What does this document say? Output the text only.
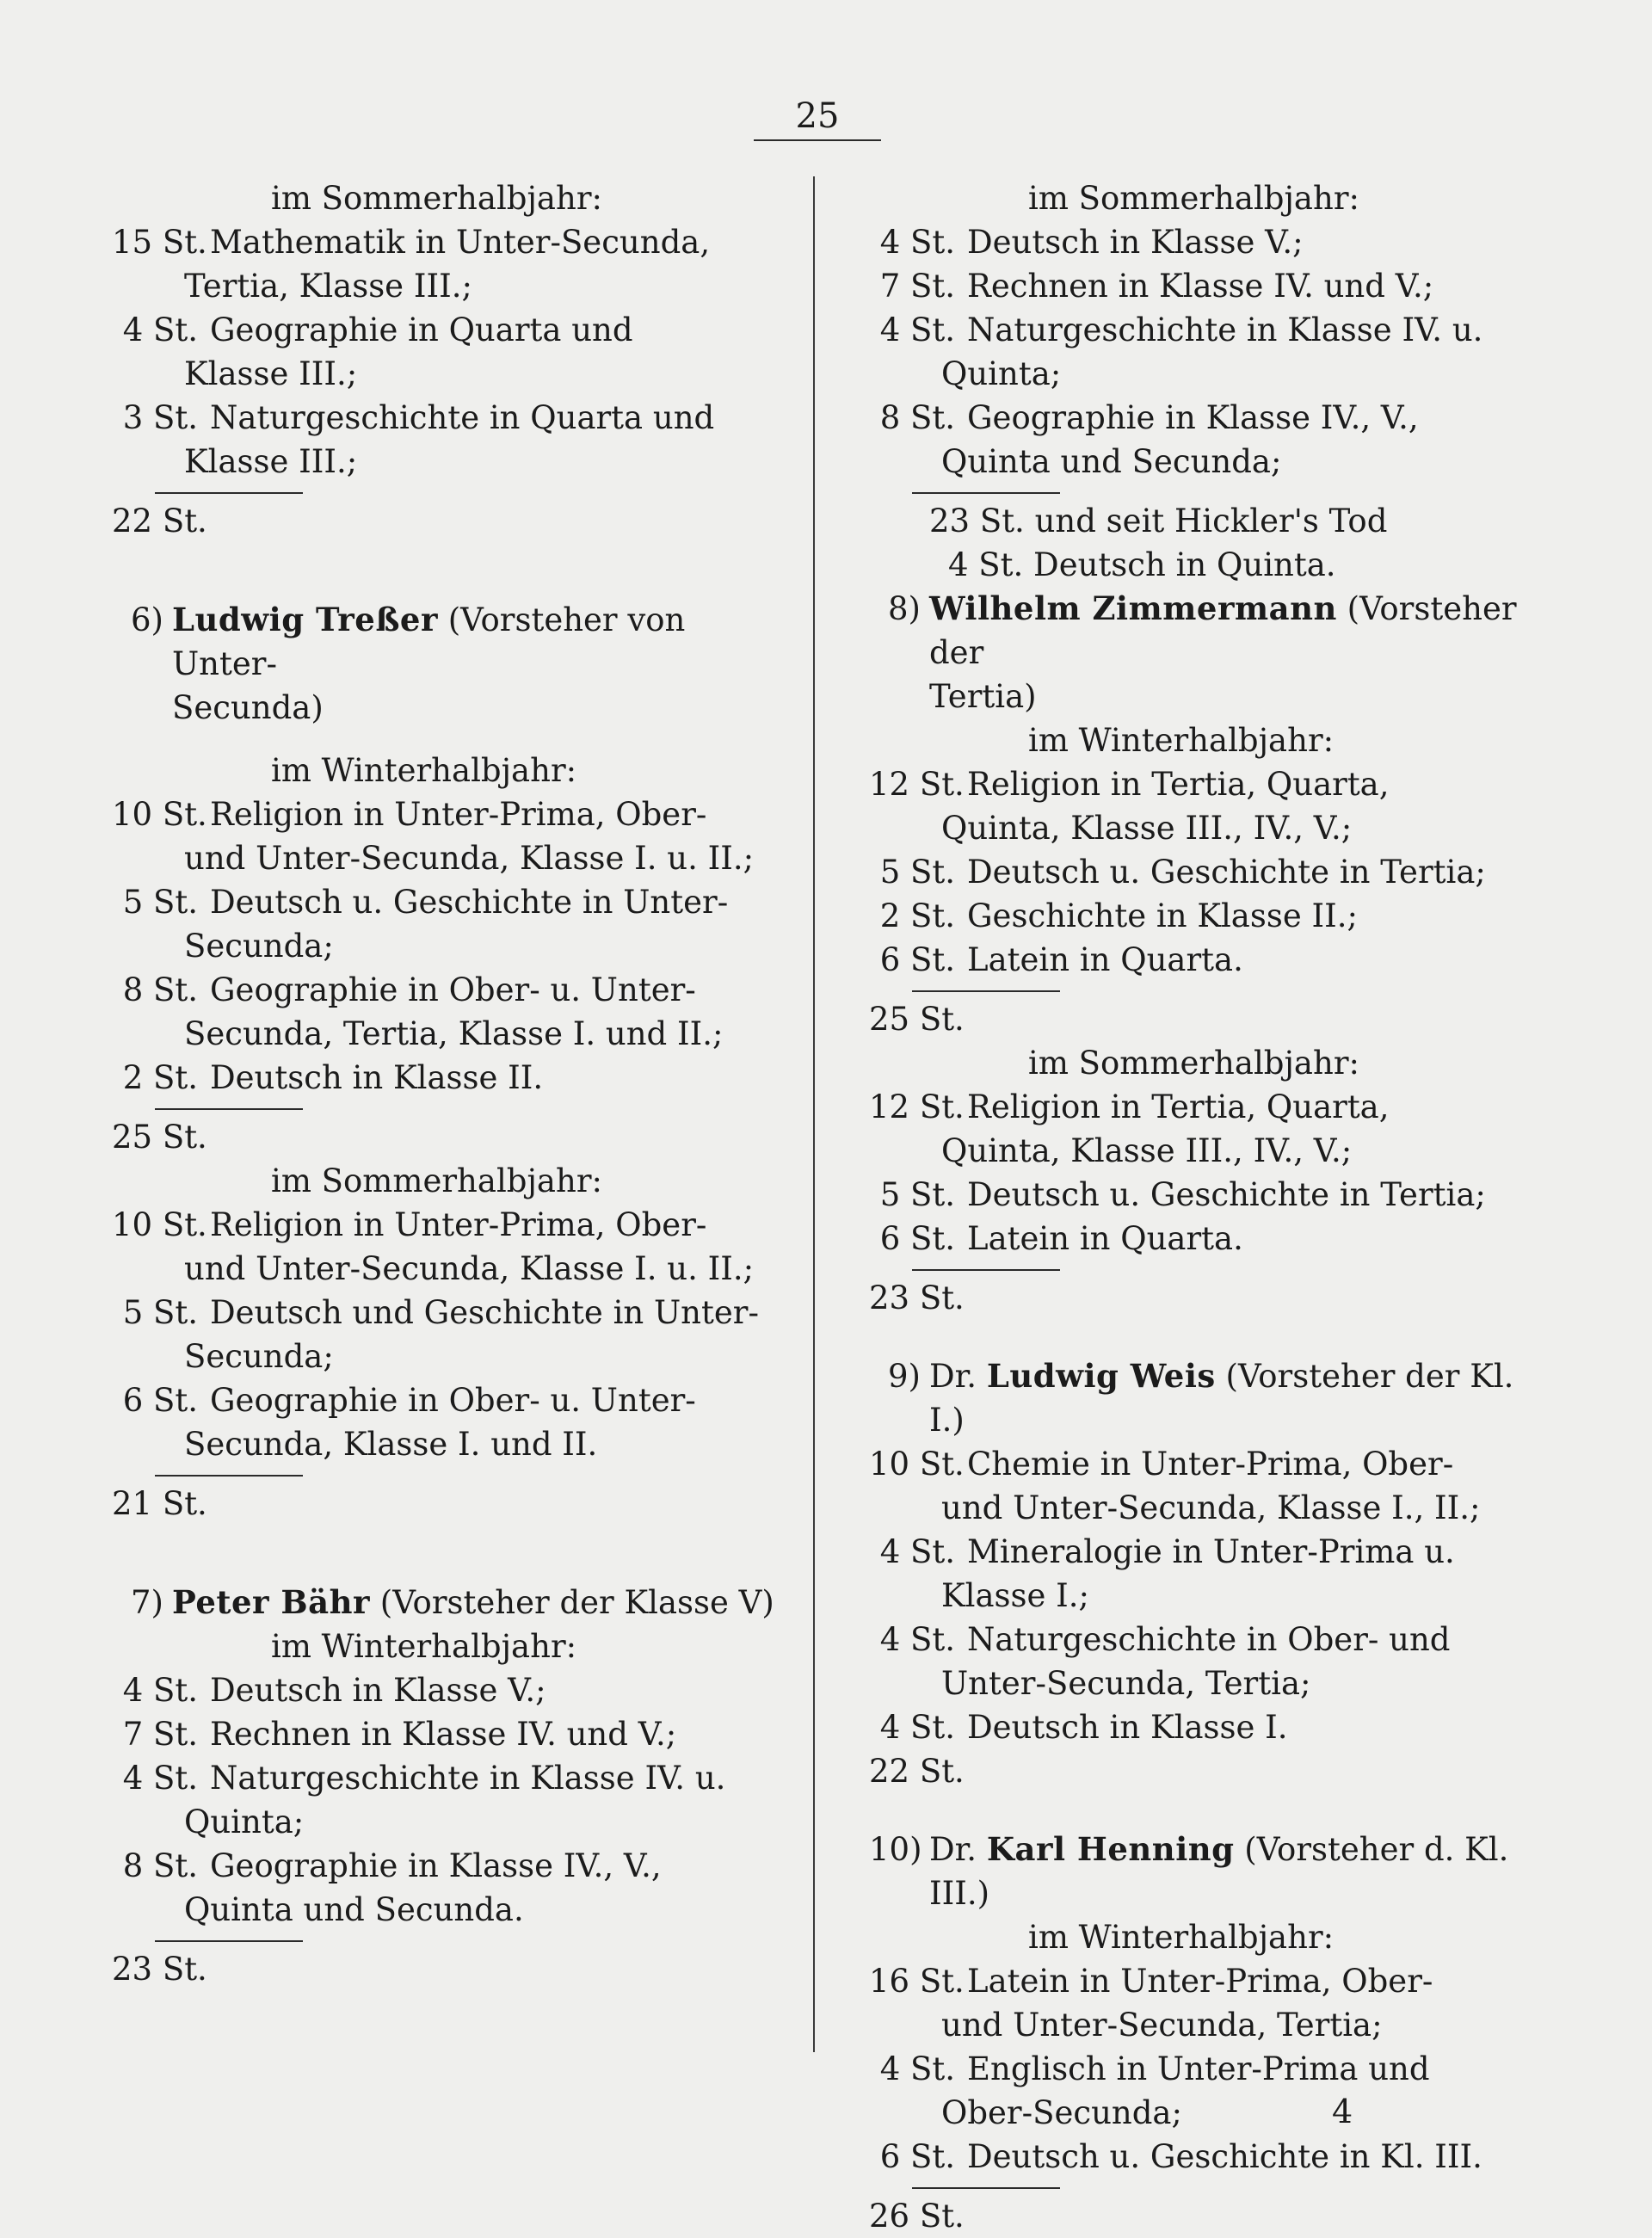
25
im Sommerhalbjahr:
15 St. Mathematik in Unter-Secunda,
Tertia, Klasse III.;
4 St. Geographie in Quarta und
Klasse III.;
3 St. Naturgeschichte in Quarta und
Klasse III.;
22 St.
6) Ludwig Treßer (Vorsteher von Unter-
Secunda)
im Winterhalbjahr:
10 St. Religion in Unter-Prima, Ober-
und Unter-Secunda, Klasse I. u. II.;
5 St. Deutsch u. Geschichte in Unter-
Secunda;
8 St. Geographie in Ober- u. Unter-
Secunda, Tertia, Klasse I. und II.;
2 St. Deutsch in Klasse II.
25 St.
im Sommerhalbjahr:
10 St. Religion in Unter-Prima, Ober-
und Unter-Secunda, Klasse I. u. II.;
5 St. Deutsch und Geschichte in Unter-
Secunda;
6 St. Geographie in Ober- u. Unter-
Secunda, Klasse I. und II.
21 St.
7) Peter Bähr (Vorsteher der Klasse V)
im Winterhalbjahr:
4 St. Deutsch in Klasse V.;
7 St. Rechnen in Klasse IV. und V.;
4 St. Naturgeschichte in Klasse IV. u.
Quinta;
8 St. Geographie in Klasse IV., V.,
Quinta und Secunda.
23 St.
im Sommerhalbjahr:
4 St. Deutsch in Klasse V.;
7 St. Rechnen in Klasse IV. und V.;
4 St. Naturgeschichte in Klasse IV. u.
Quinta;
8 St. Geographie in Klasse IV., V.,
Quinta und Secunda;
23 St. und seit Hickler's Tod
4 St. Deutsch in Quinta.
8) Wilhelm Zimmermann (Vorsteher der
Tertia)
im Winterhalbjahr:
12 St. Religion in Tertia, Quarta,
Quinta, Klasse III., IV., V.;
5 St. Deutsch u. Geschichte in Tertia;
2 St. Geschichte in Klasse II.;
6 St. Latein in Quarta.
25 St.
im Sommerhalbjahr:
12 St. Religion in Tertia, Quarta,
Quinta, Klasse III., IV., V.;
5 St. Deutsch u. Geschichte in Tertia;
6 St. Latein in Quarta.
23 St.
9) Dr. Ludwig Weis (Vorsteher der Kl. I.)
10 St. Chemie in Unter-Prima, Ober-
und Unter-Secunda, Klasse I., II.;
4 St. Mineralogie in Unter-Prima u.
Klasse I.;
4 St. Naturgeschichte in Ober- und
Unter-Secunda, Tertia;
4 St. Deutsch in Klasse I.
22 St.
10) Dr. Karl Henning (Vorsteher d. Kl. III.)
im Winterhalbjahr:
16 St. Latein in Unter-Prima, Ober-
und Unter-Secunda, Tertia;
4 St. Englisch in Unter-Prima und
Ober-Secunda;
6 St. Deutsch u. Geschichte in Kl. III.
26 St.
4
